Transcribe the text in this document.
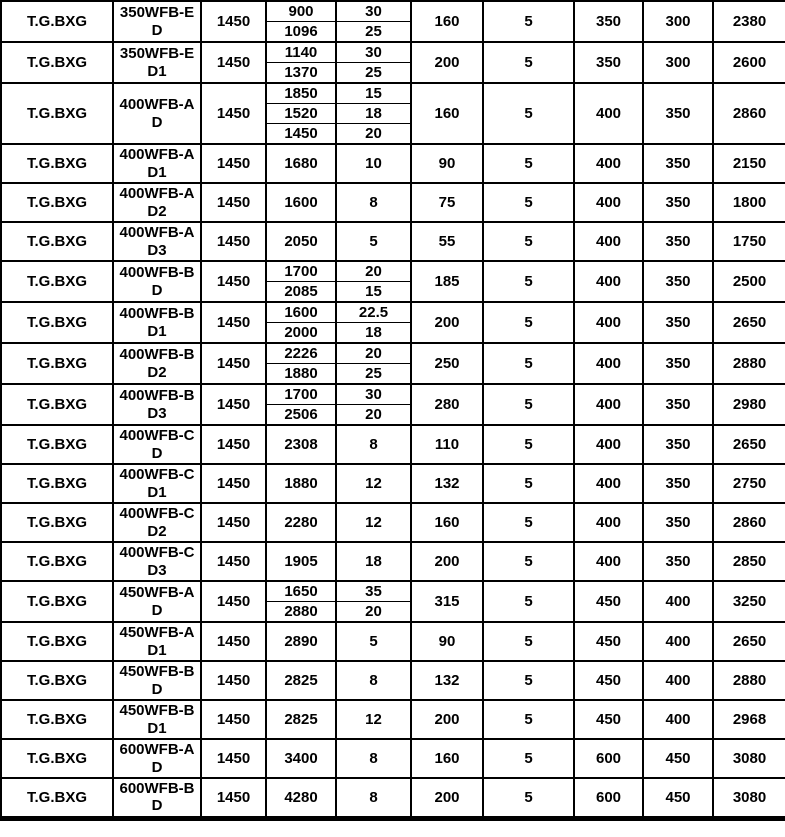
T.G.BXG	350WFB-ED	1450	900	30	160	5	350	300	2380
			1096	25					
T.G.BXG	350WFB-ED1	1450	1140	30	200	5	350	300	2600
			1370	25					
T.G.BXG	400WFB-AD	1450	1850	15	160	5	400	350	2860
			1520	18					
			1450	20					
T.G.BXG	400WFB-AD1	1450	1680	10	90	5	400	350	2150
T.G.BXG	400WFB-AD2	1450	1600	8	75	5	400	350	1800
T.G.BXG	400WFB-AD3	1450	2050	5	55	5	400	350	1750
T.G.BXG	400WFB-BD	1450	1700	20	185	5	400	350	2500
			2085	15					
T.G.BXG	400WFB-BD1	1450	1600	22.5	200	5	400	350	2650
			2000	18					
T.G.BXG	400WFB-BD2	1450	2226	20	250	5	400	350	2880
			1880	25					
T.G.BXG	400WFB-BD3	1450	1700	30	280	5	400	350	2980
			2506	20					
T.G.BXG	400WFB-CD	1450	2308	8	110	5	400	350	2650
T.G.BXG	400WFB-CD1	1450	1880	12	132	5	400	350	2750
T.G.BXG	400WFB-CD2	1450	2280	12	160	5	400	350	2860
T.G.BXG	400WFB-CD3	1450	1905	18	200	5	400	350	2850
T.G.BXG	450WFB-AD	1450	1650	35	315	5	450	400	3250
			2880	20					
T.G.BXG	450WFB-AD1	1450	2890	5	90	5	450	400	2650
T.G.BXG	450WFB-BD	1450	2825	8	132	5	450	400	2880
T.G.BXG	450WFB-BD1	1450	2825	12	200	5	450	400	2968
T.G.BXG	600WFB-AD	1450	3400	8	160	5	600	450	3080
T.G.BXG	600WFB-BD	1450	4280	8	200	5	600	450	3080
